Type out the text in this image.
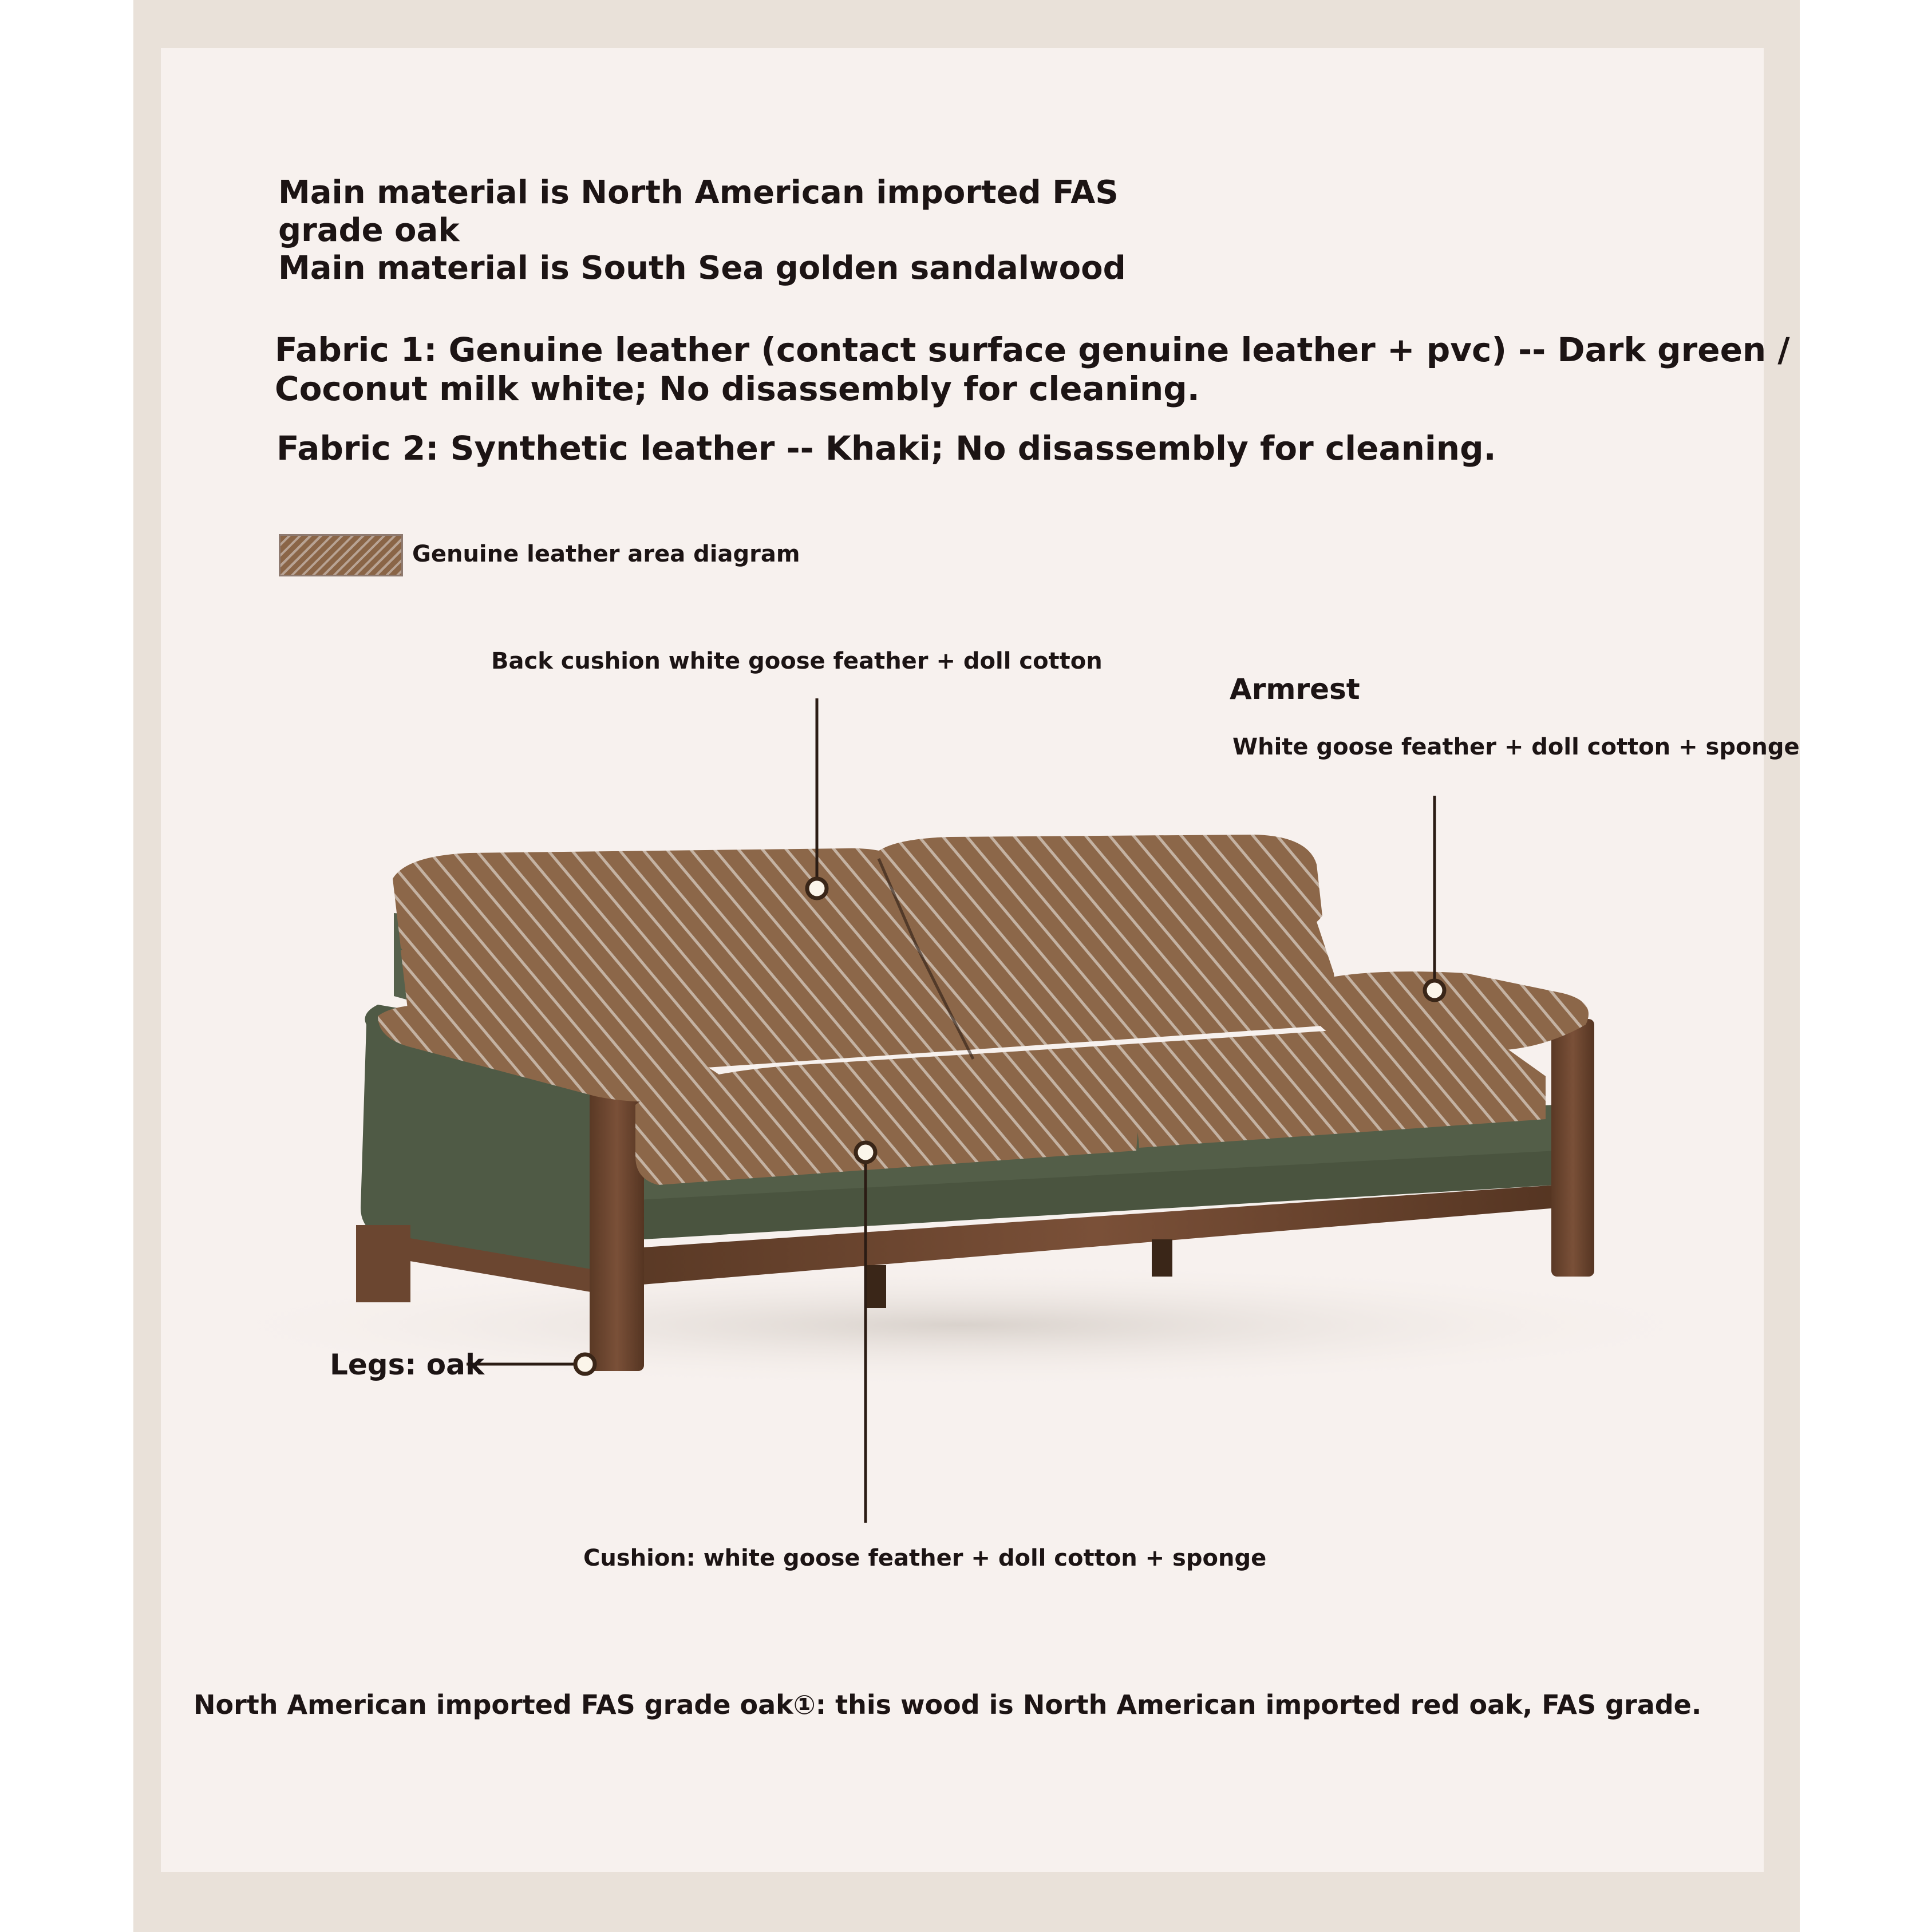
Main material is North American imported FAS

grade oak

Main material is South Sea golden sandalwood

Fabric 1: Genuine leather (contact surface genuine leather + pvc) -- Dark green /

Coconut milk white; No disassembly for cleaning.

Fabric 2: Synthetic leather -- Khaki; No disassembly for cleaning.

Genuine leather area diagram

Back cushion white goose feather + doll cotton

Armrest

White goose feather + doll cotton + sponge

Legs: oak

Cushion: white goose feather + doll cotton + sponge

North American imported FAS grade oak①: this wood is North American imported red oak, FAS grade.
